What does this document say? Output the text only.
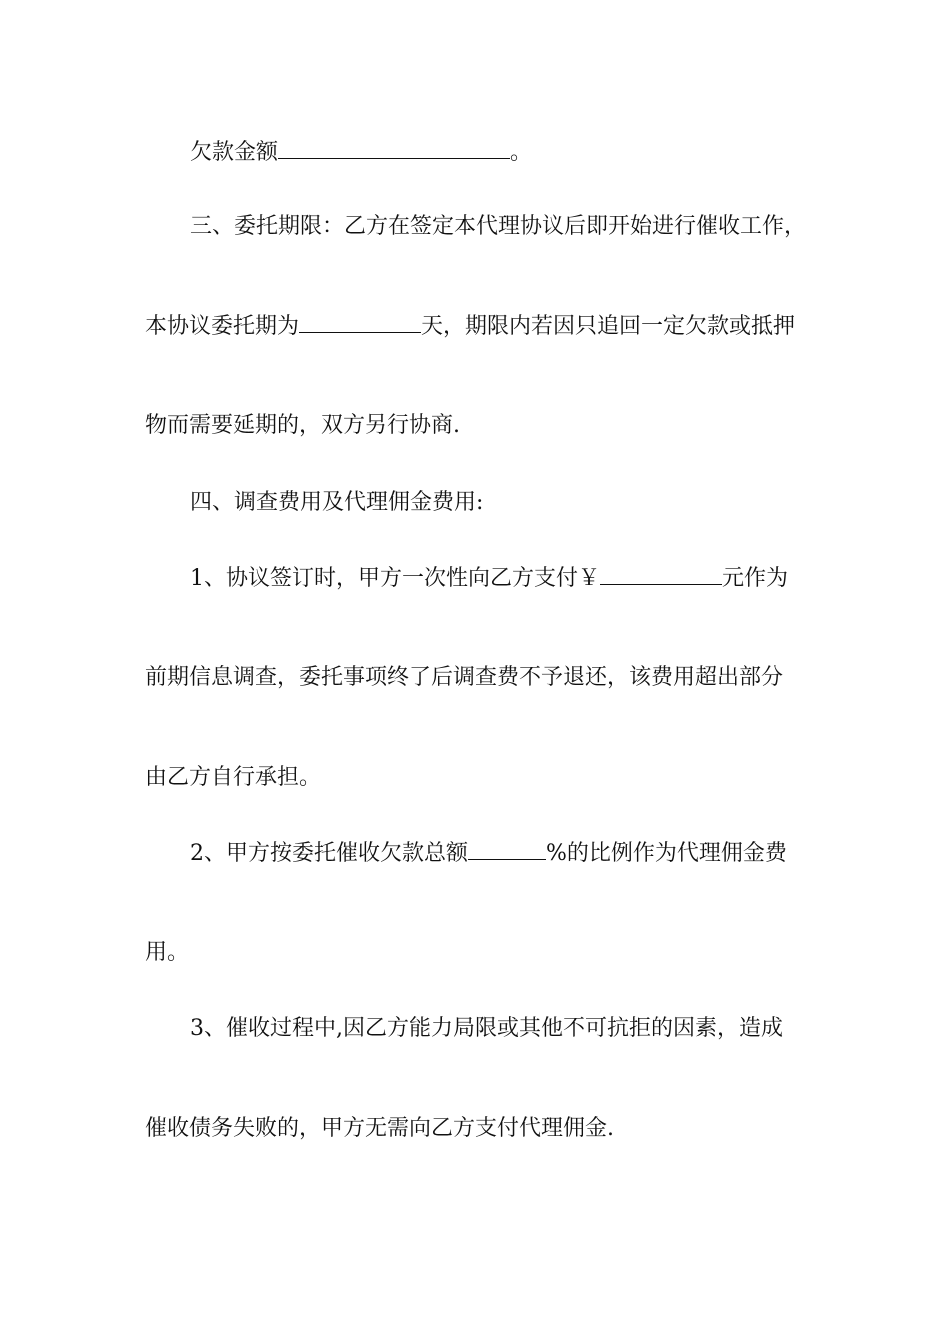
欠款金额	。
三、委托期限：乙方在签定本代理协议后即开始进行催收工作，
本协议委托期为	天，期限内若因只追回一定欠款或抵押
物而需要延期的，双方另行协商.
四、调查费用及代理佣金费用:
1、协议签订时，甲方一次性向乙方支付￥	元作为
前期信息调查，委托事项终了后调查费不予退还，该费用超出部分
由乙方自行承担。
2、甲方按委托催收欠款总额	%的比例作为代理佣金费
用。
3、催收过程中,因乙方能力局限或其他不可抗拒的因素，造成
催收债务失败的，甲方无需向乙方支付代理佣金.
